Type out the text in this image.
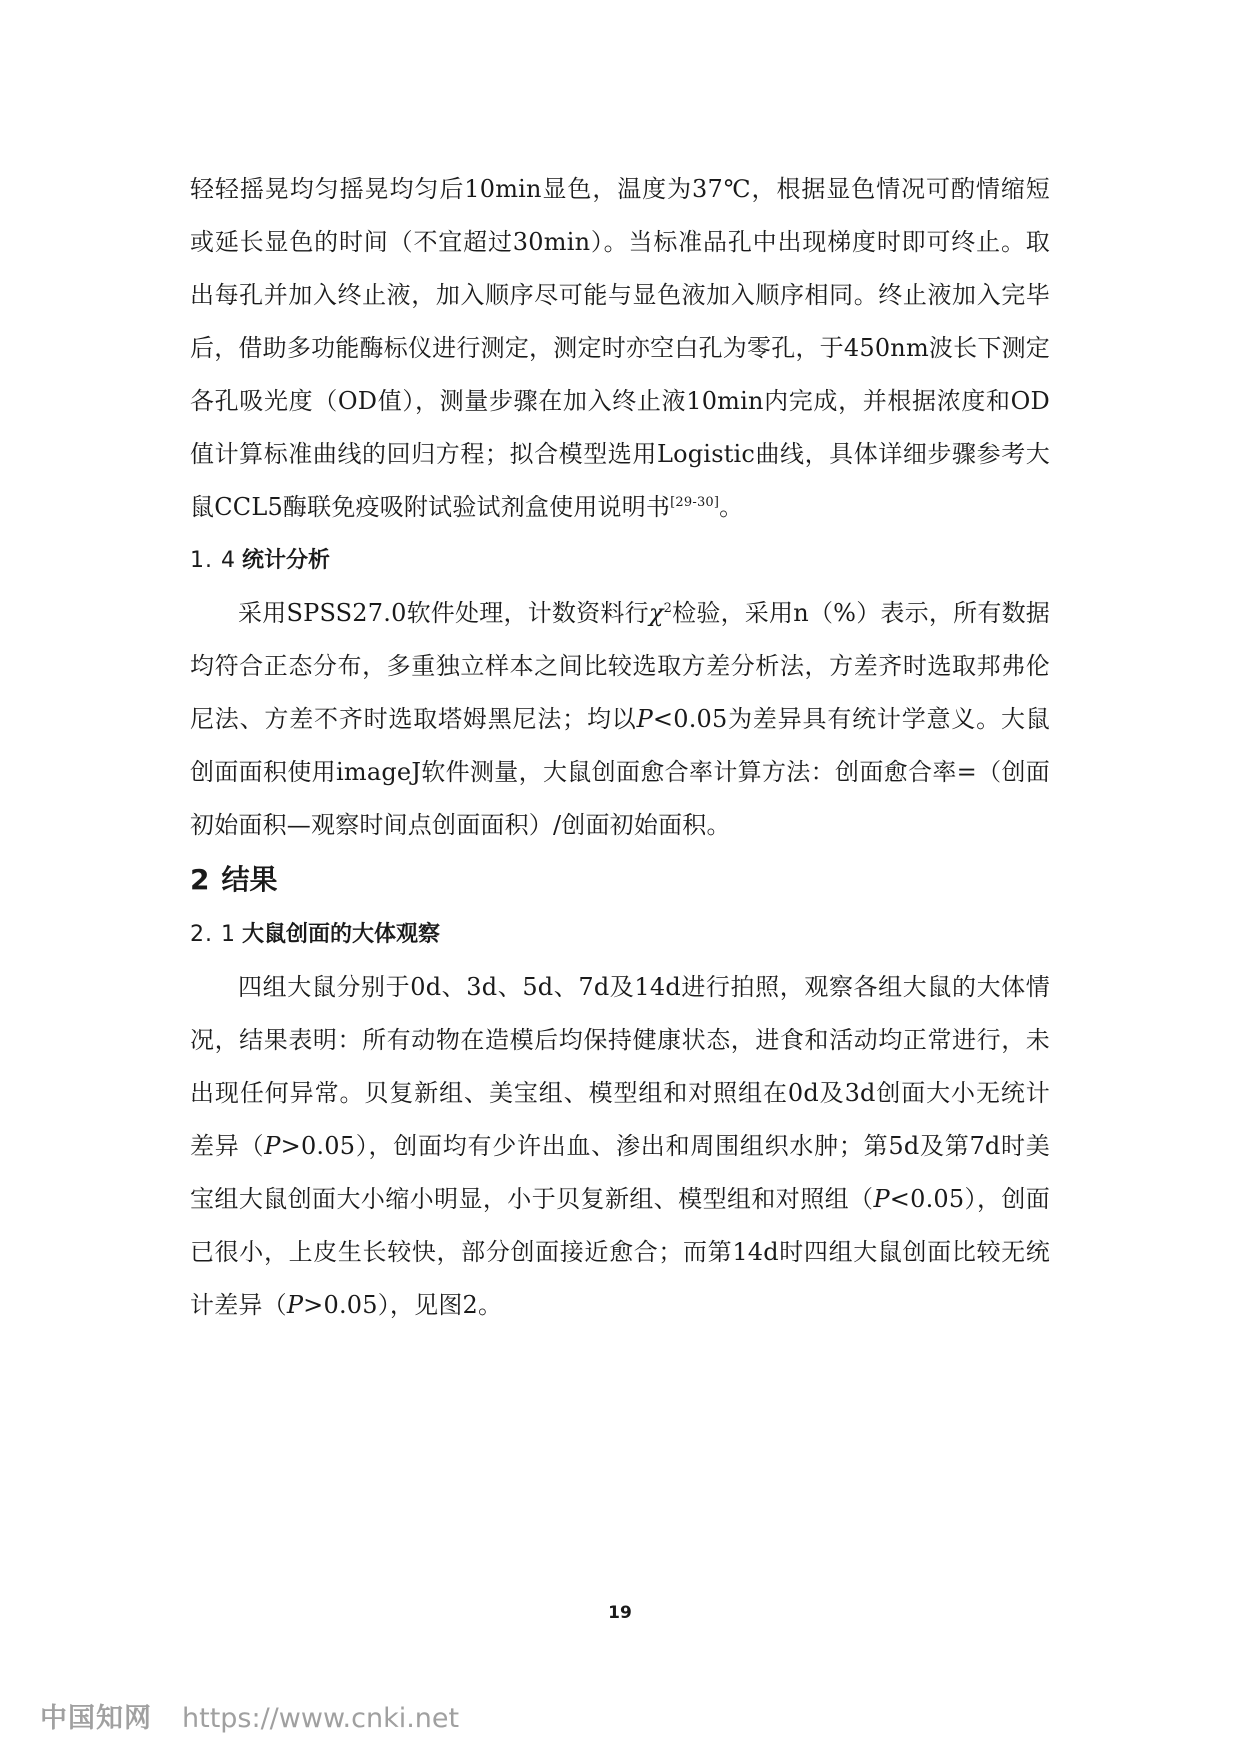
轻轻摇晃均匀摇晃均匀后10min显色，温度为37℃，根据显色情况可酌情缩短或延长显色的时间（不宜超过30min）。当标准品孔中出现梯度时即可终止。取出每孔并加入终止液，加入顺序尽可能与显色液加入顺序相同。终止液加入完毕后，借助多功能酶标仪进行测定，测定时亦空白孔为零孔，于450nm波长下测定各孔吸光度（OD值），测量步骤在加入终止液10min内完成，并根据浓度和OD值计算标准曲线的回归方程；拟合模型选用Logistic曲线，具体详细步骤参考大鼠CCL5酶联免疫吸附试验试剂盒使用说明书[29-30]。

1. 4 统计分析

采用SPSS27.0软件处理，计数资料行$\chi^2$检验，采用n（%）表示，所有数据均符合正态分布，多重独立样本之间比较选取方差分析法，方差齐时选取邦弗伦尼法、方差不齐时选取塔姆黑尼法；均以P<0.05为差异具有统计学意义。大鼠创面面积使用imageJ软件测量，大鼠创面愈合率计算方法：创面愈合率=（创面初始面积—观察时间点创面面积）/创面初始面积。

2 结果

2. 1 大鼠创面的大体观察

四组大鼠分别于0d、3d、5d、7d及14d进行拍照，观察各组大鼠的大体情况，结果表明：所有动物在造模后均保持健康状态，进食和活动均正常进行，未出现任何异常。贝复新组、美宝组、模型组和对照组在0d及3d创面大小无统计差异（P>0.05），创面均有少许出血、渗出和周围组织水肿；第5d及第7d时美宝组大鼠创面大小缩小明显，小于贝复新组、模型组和对照组（P<0.05），创面已很小，上皮生长较快，部分创面接近愈合；而第14d时四组大鼠创面比较无统计差异（P>0.05），见图2。

19
中国知网 https://www.cnki.net
